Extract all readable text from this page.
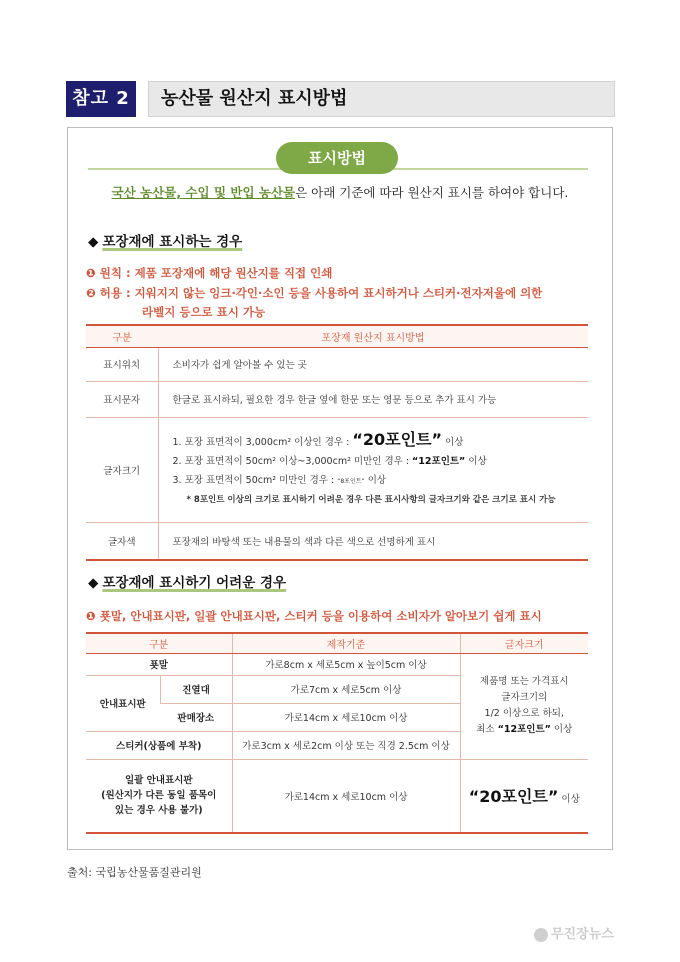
참고 2	농산물 원산지 표시방법
표시방법
국산 농산물, 수입 및 반입 농산물은 아래 기준에 따라 원산지 표시를 하여야 합니다.
◆ 포장재에 표시하는 경우
❶ 원칙 : 제품 포장재에 해당 원산지를 직접 인쇄
❷ 허용 : 지워지지 않는 잉크·각인·소인 등을 사용하여 표시하거나 스티커·전자저울에 의한
라벨지 등으로 표시 가능
구분	포장재 원산지 표시방법
표시위치	소비자가 쉽게 알아볼 수 있는 곳
표시문자	한글로 표시하되, 필요한 경우 한글 옆에 한문 또는 영문 등으로 추가 표시 가능
글자크기	1. 포장 표면적이 3,000cm² 이상인 경우 : “20포인트” 이상
2. 포장 표면적이 50cm² 이상~3,000cm² 미만인 경우 : “12포인트” 이상
3. 포장 표면적이 50cm² 미만인 경우 : “8포인트” 이상
* 8포인트 이상의 크기로 표시하기 어려운 경우 다른 표시사항의 글자크기와 같은 크기로 표시 가능

글자색	포장재의 바탕색 또는 내용물의 색과 다른 색으로 선명하게 표시
◆ 포장재에 표시하기 어려운 경우
❶ 푯말, 안내표시판, 일괄 안내표시판, 스티커 등을 이용하여 소비자가 알아보기 쉽게 표시
구분		제작기준	글자크기
푯말		가로8cm x 세로5cm x 높이5cm 이상	제품명 또는 가격표시
글자크기의
1/2 이상으로 하되,
최소 “12포인트” 이상

안내표시판	진열대	가로7cm x 세로5cm 이상	
	판매장소	가로14cm x 세로10cm 이상	
스티커(상품에 부착)		가로3cm x 세로2cm 이상 또는 직경 2.5cm 이상	

일괄 안내표시판
(원산지가 다른 동일 품목이
있는 경우 사용 불가)		가로14cm x 세로10cm 이상	“20포인트” 이상
출처: 국립농산물품질관리원
무진장뉴스
